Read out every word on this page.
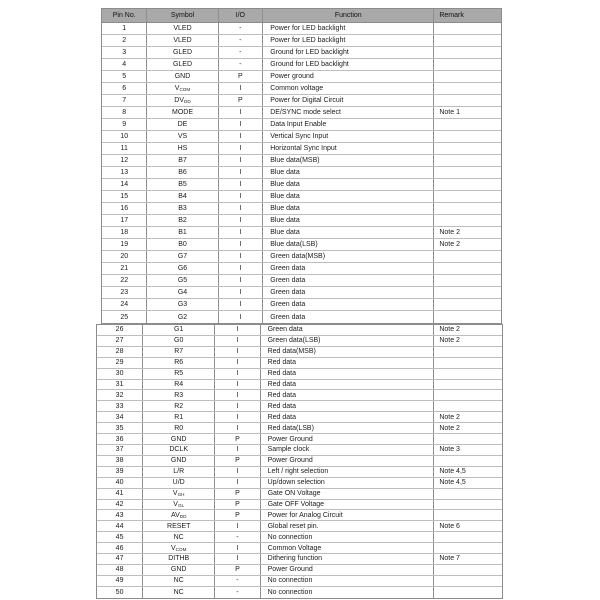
Pin No.	Symbol	I/O	Function	Remark
1	VLED	-	Power for LED backlight
2	VLED	-	Power for LED backlight
3	GLED	-	Ground for LED backlight
4	GLED	-	Ground for LED backlight
5	GND	P	Power ground
6	$V_{COM}$	I	Common voltage
7	$DV_{DD}$	P	Power for Digital Circuit
8	MODE	I	DE/SYNC mode select	Note 1
9	DE	I	Data Input Enable
10	VS	I	Vertical Sync Input
11	HS	I	Horizontal Sync Input
12	B7	I	Blue data(MSB)
13	B6	I	Blue data
14	B5	I	Blue data
15	B4	I	Blue data
16	B3	I	Blue data
17	B2	I	Blue data
18	B1	I	Blue data	Note 2
19	B0	I	Blue data(LSB)	Note 2
20	G7	I	Green data(MSB)
21	G6	I	Green data
22	G5	I	Green data
23	G4	I	Green data
24	G3	I	Green data
25	G2	I	Green data
26	G1	I	Green data	Note 2
27	G0	I	Green data(LSB)	Note 2
28	R7	I	Red data(MSB)
29	R6	I	Red data
30	R5	I	Red data
31	R4	I	Red data
32	R3	I	Red data
33	R2	I	Red data
34	R1	I	Red data	Note 2
35	R0	I	Red data(LSB)	Note 2
36	GND	P	Power Ground
37	DCLK	I	Sample clock	Note 3
38	GND	P	Power Ground
39	L/R	I	Left / right selection	Note 4,5
40	U/D	I	Up/down selection	Note 4,5
41	$V_{GH}$	P	Gate ON Voltage
42	$V_{GL}$	P	Gate OFF Voltage
43	$AV_{DD}$	P	Power for Analog Circuit
44	RESET	I	Global reset pin.	Note 6
45	NC	-	No connection
46	$V_{COM}$	I	Common Voltage
47	DITHB	I	Dithering function	Note 7
48	GND	P	Power Ground
49	NC	-	No connection
50	NC	-	No connection
